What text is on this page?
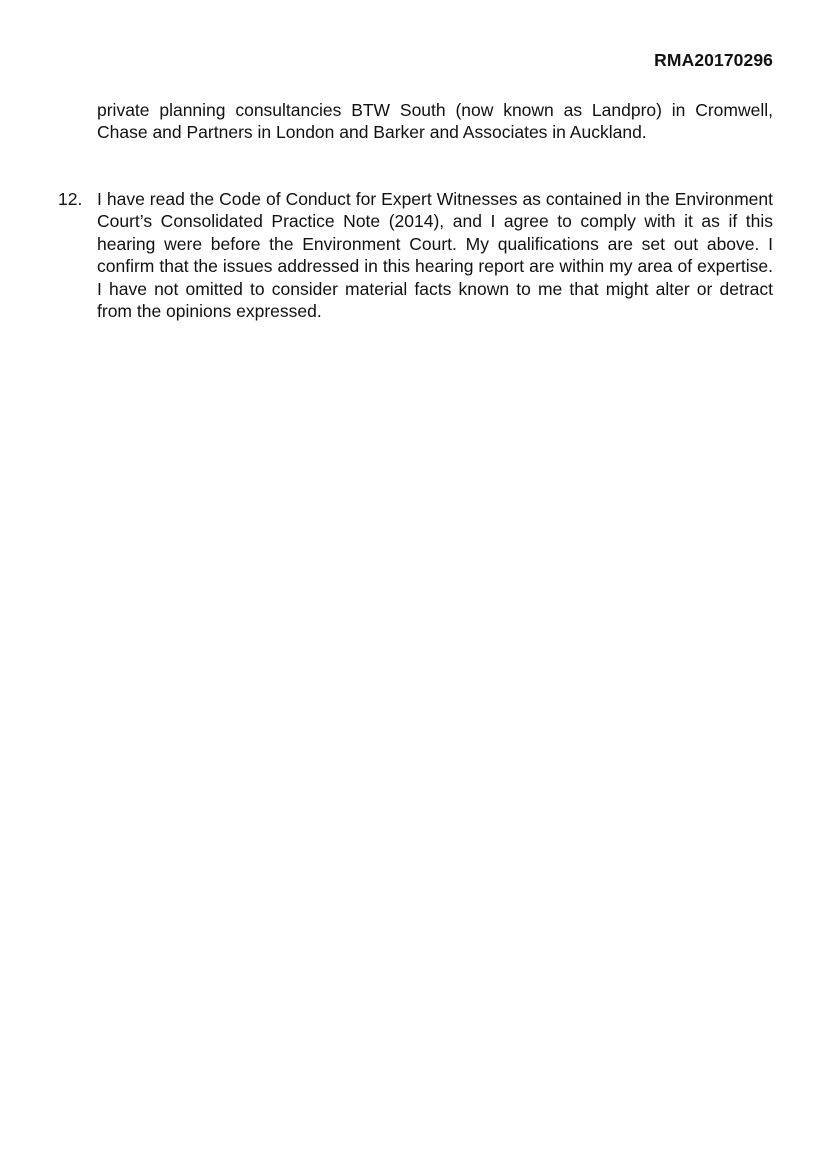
RMA20170296
private planning consultancies BTW South (now known as Landpro) in Cromwell, Chase and Partners in London and Barker and Associates in Auckland.
12. I have read the Code of Conduct for Expert Witnesses as contained in the Environment Court’s Consolidated Practice Note (2014), and I agree to comply with it as if this hearing were before the Environment Court. My qualifications are set out above. I confirm that the issues addressed in this hearing report are within my area of expertise. I have not omitted to consider material facts known to me that might alter or detract from the opinions expressed.
